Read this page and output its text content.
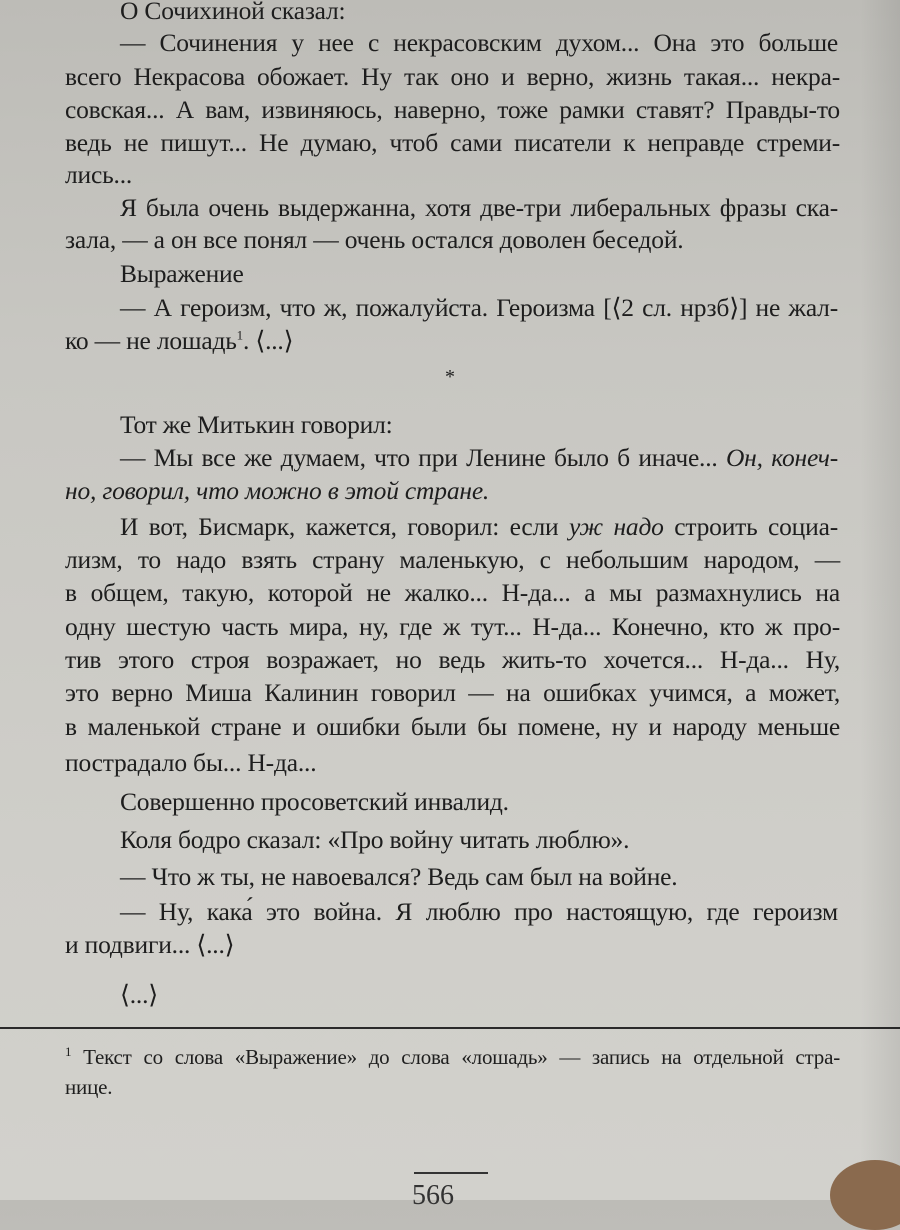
О Сочихиной сказал:
— Сочинения у нее с некрасовским духом... Она это больше
всего Некрасова обожает. Ну так оно и верно, жизнь такая... некра-
совская... А вам, извиняюсь, наверно, тоже рамки ставят? Правды-то
ведь не пишут... Не думаю, чтоб сами писатели к неправде стреми-
лись...
Я была очень выдержанна, хотя две-три либеральных фразы ска-
зала, — а он все понял — очень остался доволен беседой.
Выражение
— А героизм, что ж, пожалуйста. Героизма [⟨2 сл. нрзб⟩] не жал-
ко — не лошадь$^1$. ⟨...⟩
Тот же Митькин говорил:
— Мы все же думаем, что при Ленине было б иначе... Он, конеч-
но, говорил, что можно в этой стране.
И вот, Бисмарк, кажется, говорил: если уж надо строить социа-
лизм, то надо взять страну маленькую, с небольшим народом, —
в общем, такую, которой не жалко... Н-да... а мы размахнулись на
одну шестую часть мира, ну, где ж тут... Н-да... Конечно, кто ж про-
тив этого строя возражает, но ведь жить-то хочется... Н-да... Ну,
это верно Миша Калинин говорил — на ошибках учимся, а может,
в маленькой стране и ошибки были бы помене, ну и народу меньше
пострадало бы... Н-да...
Совершенно просоветский инвалид.
Коля бодро сказал: «Про войну читать люблю».
— Что ж ты, не навоевался? Ведь сам был на войне.
— Ну, кака́ это война. Я люблю про настоящую, где героизм
и подвиги... ⟨...⟩
⟨...⟩
*
$^1$ Текст со слова «Выражение» до слова «лошадь» — запись на отдельной стра-
нице.
566
